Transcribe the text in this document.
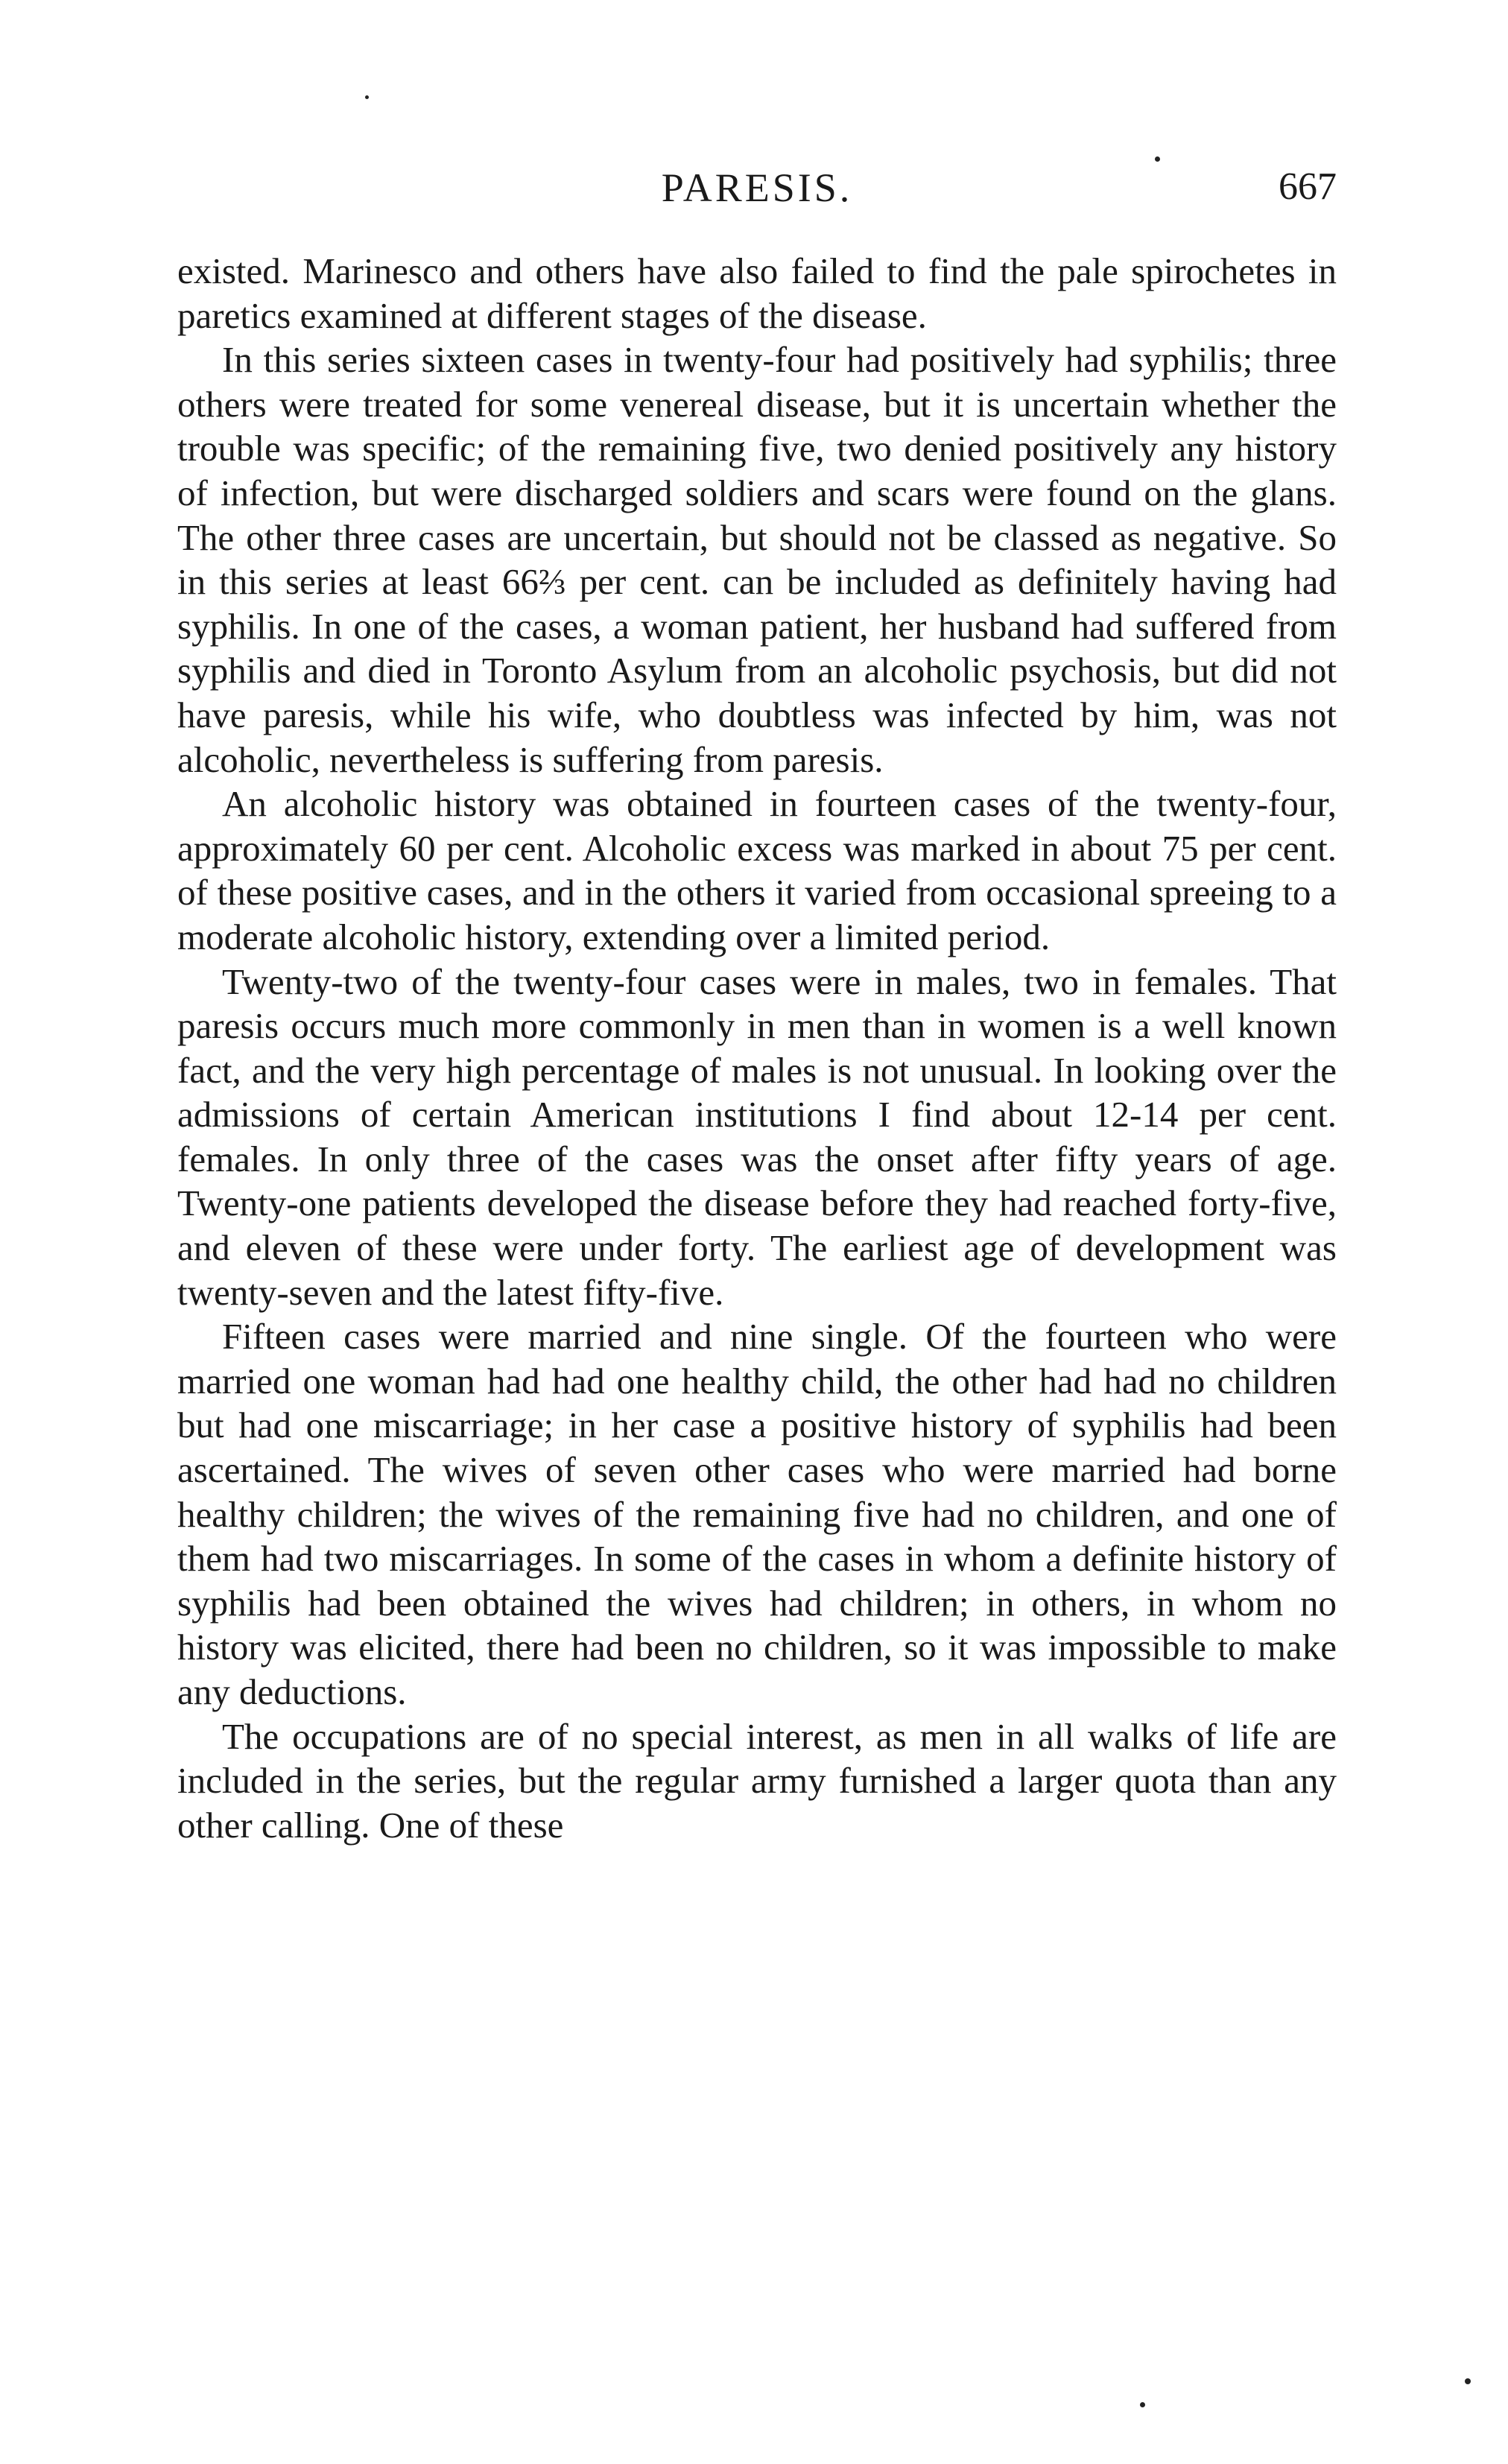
PARESIS.	667

existed. Marinesco and others have also failed to find the pale spirochetes in paretics examined at different stages of the disease.

In this series sixteen cases in twenty-four had positively had syphilis; three others were treated for some venereal disease, but it is uncertain whether the trouble was specific; of the remaining five, two denied positively any history of infection, but were discharged soldiers and scars were found on the glans. The other three cases are uncertain, but should not be classed as negative. So in this series at least 66⅔ per cent. can be included as definitely having had syphilis. In one of the cases, a woman patient, her husband had suffered from syphilis and died in Toronto Asylum from an alcoholic psychosis, but did not have paresis, while his wife, who doubtless was infected by him, was not alcoholic, nevertheless is suffering from paresis.

An alcoholic history was obtained in fourteen cases of the twenty-four, approximately 60 per cent. Alcoholic excess was marked in about 75 per cent. of these positive cases, and in the others it varied from occasional spreeing to a moderate alcoholic history, extending over a limited period.

Twenty-two of the twenty-four cases were in males, two in females. That paresis occurs much more commonly in men than in women is a well known fact, and the very high percentage of males is not unusual. In looking over the admissions of certain American institutions I find about 12-14 per cent. females. In only three of the cases was the onset after fifty years of age. Twenty-one patients developed the disease before they had reached forty-five, and eleven of these were under forty. The earliest age of development was twenty-seven and the latest fifty-five.

Fifteen cases were married and nine single. Of the fourteen who were married one woman had had one healthy child, the other had had no children but had one miscarriage; in her case a positive history of syphilis had been ascertained. The wives of seven other cases who were married had borne healthy children; the wives of the remaining five had no children, and one of them had two miscarriages. In some of the cases in whom a definite history of syphilis had been obtained the wives had children; in others, in whom no history was elicited, there had been no children, so it was impossible to make any deductions.

The occupations are of no special interest, as men in all walks of life are included in the series, but the regular army furnished a larger quota than any other calling. One of these
